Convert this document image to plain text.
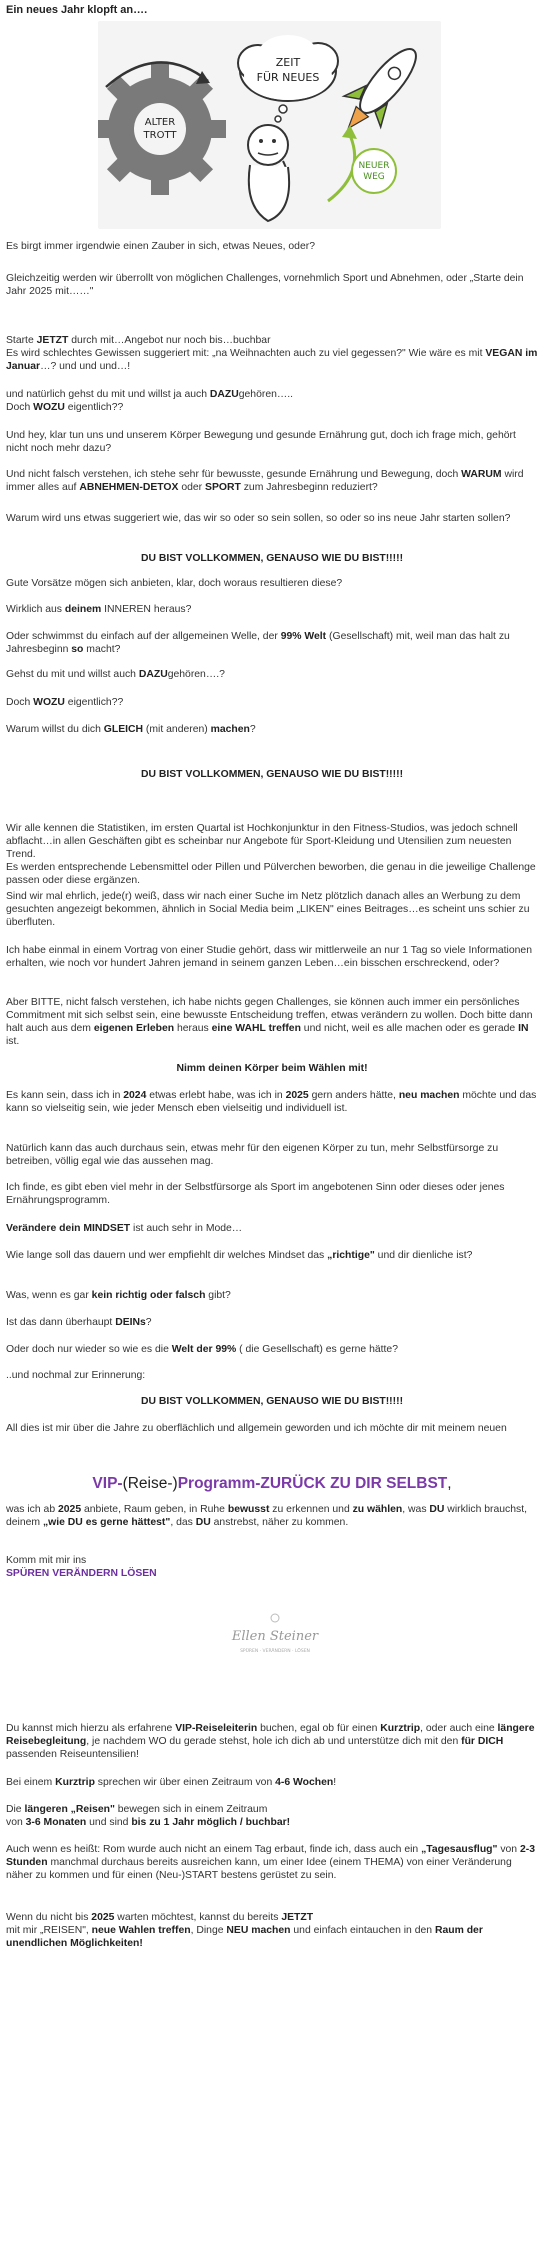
Ein neues Jahr klopft an….

ZEIT
FÜR NEUES
ALTER
TROTT
NEUER
WEG

Es birgt immer irgendwie einen Zauber in sich, etwas Neues, oder?

Gleichzeitig werden wir überrollt von möglichen Challenges, vornehmlich Sport und Abnehmen, oder „Starte dein Jahr 2025 mit……"

Starte JETZT durch mit…Angebot nur noch bis…buchbar
Es wird schlechtes Gewissen suggeriert mit: „na Weihnachten auch zu viel gegessen?" Wie wäre es mit VEGAN im Januar…? und und und…!

und natürlich gehst du mit und willst ja auch DAZUgehören…..
Doch WOZU eigentlich??

Und hey, klar tun uns und unserem Körper Bewegung und gesunde Ernährung gut, doch ich frage mich, gehört nicht noch mehr dazu?

Und nicht falsch verstehen, ich stehe sehr für bewusste, gesunde Ernährung und Bewegung, doch WARUM wird immer alles auf ABNEHMEN-DETOX oder SPORT zum Jahresbeginn reduziert?

Warum wird uns etwas suggeriert wie, das wir so oder so sein sollen, so oder so ins neue Jahr starten sollen?

DU BIST VOLLKOMMEN, GENAUSO WIE DU BIST!!!!!

Gute Vorsätze mögen sich anbieten, klar, doch woraus resultieren diese?

Wirklich aus deinem INNEREN heraus?

Oder schwimmst du einfach auf der allgemeinen Welle, der 99% Welt (Gesellschaft) mit, weil man das halt zu Jahresbeginn so macht?

Gehst du mit und willst auch DAZUgehören….?

Doch WOZU eigentlich??

Warum willst du dich GLEICH (mit anderen) machen?

DU BIST VOLLKOMMEN, GENAUSO WIE DU BIST!!!!!

Wir alle kennen die Statistiken, im ersten Quartal ist Hochkonjunktur in den Fitness-Studios, was jedoch schnell abflacht…in allen Geschäften gibt es scheinbar nur Angebote für Sport-Kleidung und Utensilien zum neuesten Trend.
Es werden entsprechende Lebensmittel oder Pillen und Pülverchen beworben, die genau in die jeweilige Challenge passen oder diese ergänzen.

Sind wir mal ehrlich, jede(r) weiß, dass wir nach einer Suche im Netz plötzlich danach alles an Werbung zu dem gesuchten angezeigt bekommen, ähnlich in Social Media beim „LIKEN" eines Beitrages…es scheint uns schier zu überfluten.

Ich habe einmal in einem Vortrag von einer Studie gehört, dass wir mittlerweile an nur 1 Tag so viele Informationen erhalten, wie noch vor hundert Jahren jemand in seinem ganzen Leben…ein bisschen erschreckend, oder?

Aber BITTE, nicht falsch verstehen, ich habe nichts gegen Challenges, sie können auch immer ein persönliches Commitment mit sich selbst sein, eine bewusste Entscheidung treffen, etwas verändern zu wollen. Doch bitte dann halt auch aus dem eigenen Erleben heraus eine WAHL treffen und nicht, weil es alle machen oder es gerade IN ist.

Nimm deinen Körper beim Wählen mit!

Es kann sein, dass ich in 2024 etwas erlebt habe, was ich in 2025 gern anders hätte, neu machen möchte und das kann so vielseitig sein, wie jeder Mensch eben vielseitig und individuell ist.

Natürlich kann das auch durchaus sein, etwas mehr für den eigenen Körper zu tun, mehr Selbstfürsorge zu betreiben, völlig egal wie das aussehen mag.

Ich finde, es gibt eben viel mehr in der Selbstfürsorge als Sport im angebotenen Sinn oder dieses oder jenes Ernährungsprogramm.

Verändere dein MINDSET ist auch sehr in Mode…

Wie lange soll das dauern und wer empfiehlt dir welches Mindset das „richtige" und dir dienliche ist?

Was, wenn es gar kein richtig oder falsch gibt?

Ist das dann überhaupt DEINs?

Oder doch nur wieder so wie es die Welt der 99% ( die Gesellschaft) es gerne hätte?

..und nochmal zur Erinnerung:

DU BIST VOLLKOMMEN, GENAUSO WIE DU BIST!!!!!

All dies ist mir über die Jahre zu oberflächlich und allgemein geworden und ich möchte dir mit meinem neuen

VIP-(Reise-)Programm-ZURÜCK ZU DIR SELBST,

was ich ab 2025 anbiete, Raum geben, in Ruhe bewusst zu erkennen und zu wählen, was DU wirklich brauchst, deinem „wie DU es gerne hättest", das DU anstrebst, näher zu kommen.

Komm mit mir ins

SPÜREN VERÄNDERN LÖSEN

Ellen Steiner
SPÜREN · VERÄNDERN · LÖSEN

Du kannst mich hierzu als erfahrene VIP-Reiseleiterin buchen, egal ob für einen Kurztrip, oder auch eine längere Reisebegleitung, je nachdem WO du gerade stehst, hole ich dich ab und unterstütze dich mit den für DICH passenden Reiseuntensilien!

Bei einem Kurztrip sprechen wir über einen Zeitraum von 4-6 Wochen!

Die längeren „Reisen" bewegen sich in einem Zeitraum
von 3-6 Monaten und sind bis zu 1 Jahr möglich / buchbar!

Auch wenn es heißt: Rom wurde auch nicht an einem Tag erbaut, finde ich, dass auch ein „Tagesausflug" von 2-3 Stunden manchmal durchaus bereits ausreichen kann, um einer Idee (einem THEMA) von einer Veränderung näher zu kommen und für einen (Neu-)START bestens gerüstet zu sein.

Wenn du nicht bis 2025 warten möchtest, kannst du bereits JETZT
mit mir „REISEN", neue Wahlen treffen, Dinge NEU machen und einfach eintauchen in den Raum der unendlichen Möglichkeiten!
